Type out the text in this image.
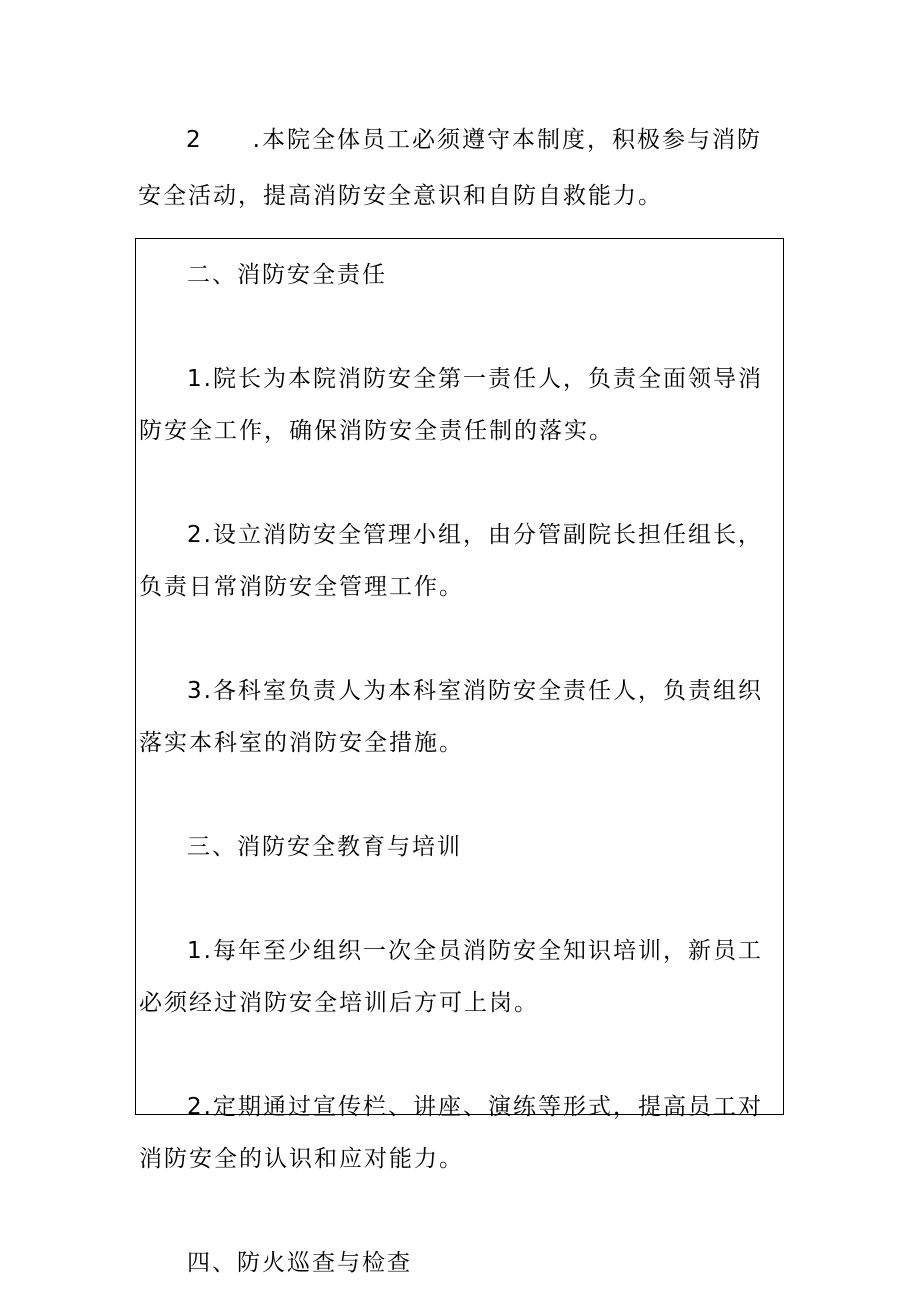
2　　.本院全体员工必须遵守本制度，积极参与消防安全活动，提高消防安全意识和自防自救能力。

二、消防安全责任

1.院长为本院消防安全第一责任人，负责全面领导消防安全工作，确保消防安全责任制的落实。

2.设立消防安全管理小组，由分管副院长担任组长，负责日常消防安全管理工作。

3.各科室负责人为本科室消防安全责任人，负责组织落实本科室的消防安全措施。

三、消防安全教育与培训

1.每年至少组织一次全员消防安全知识培训，新员工必须经过消防安全培训后方可上岗。

2.定期通过宣传栏、讲座、演练等形式，提高员工对消防安全的认识和应对能力。

四、防火巡查与检查
